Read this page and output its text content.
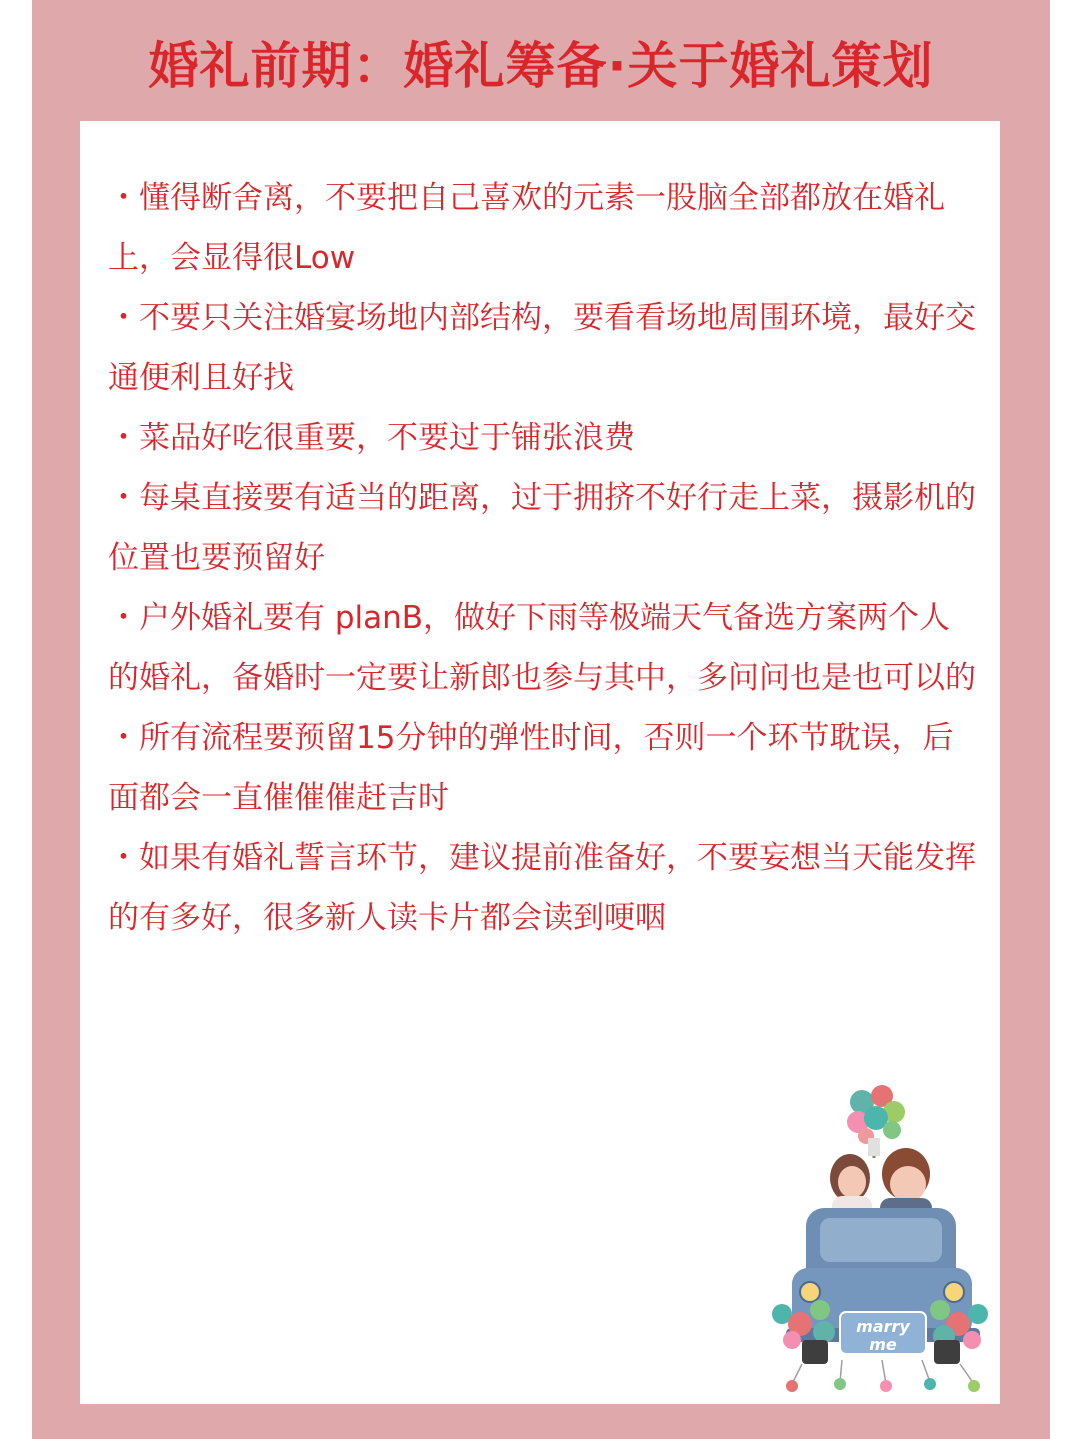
婚礼前期：婚礼筹备·关于婚礼策划

・懂得断舍离，不要把自己喜欢的元素一股脑全部都放在婚礼上，会显得很Low

・不要只关注婚宴场地内部结构，要看看场地周围环境，最好交通便利且好找

・菜品好吃很重要，不要过于铺张浪费

・每桌直接要有适当的距离，过于拥挤不好行走上菜，摄影机的位置也要预留好

・户外婚礼要有 planB，做好下雨等极端天气备选方案两个人的婚礼，备婚时一定要让新郎也参与其中，多问问也是也可以的

・所有流程要预留15分钟的弹性时间，否则一个环节耽误，后面都会一直催催催赶吉时

・如果有婚礼誓言环节，建议提前准备好，不要妄想当天能发挥的有多好，很多新人读卡片都会读到哽咽

marry
me
